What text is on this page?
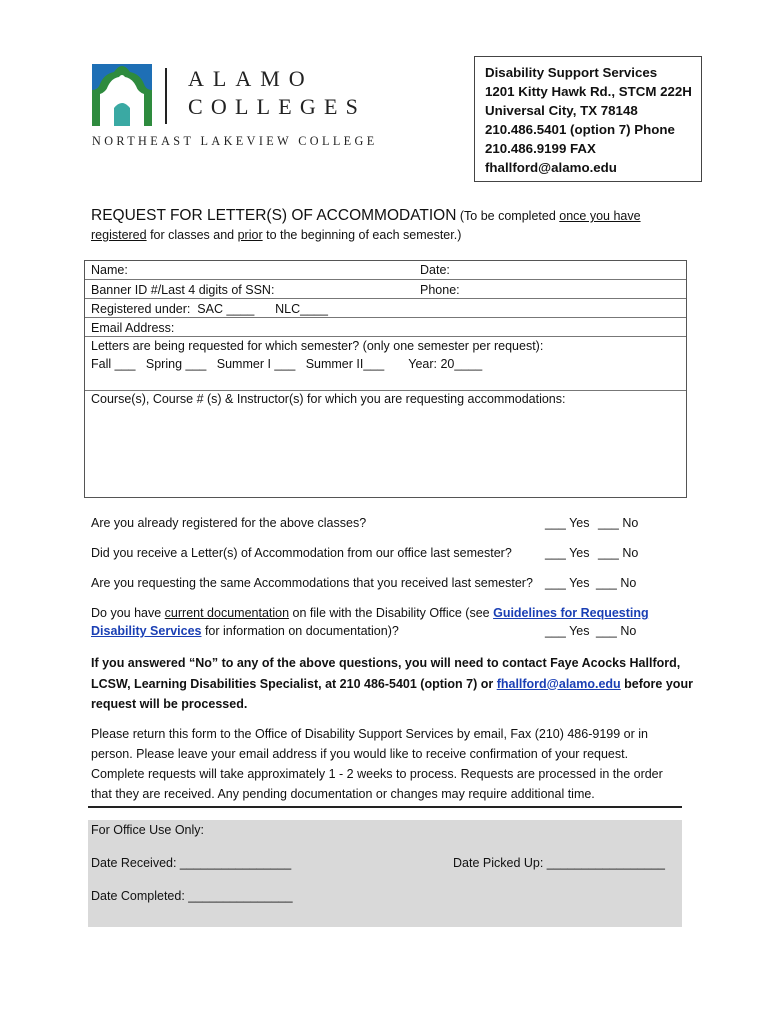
ALAMO
COLLEGES
NORTHEAST LAKEVIEW COLLEGE
Disability Support Services
1201 Kitty Hawk Rd., STCM 222H
Universal City, TX 78148
210.486.5401 (option 7) Phone
210.486.9199 FAX
fhallford@alamo.edu
REQUEST FOR LETTER(S) OF ACCOMMODATION (To be completed once you have registered for classes and prior to the beginning of each semester.)
Name:	Date:
Banner ID #/Last 4 digits of SSN:	Phone:
Registered under:  SAC ____      NLC____
Email Address:
Letters are being requested for which semester? (only one semester per request):
Fall ___   Spring ___   Summer I ___   Summer II___       Year: 20____
Course(s), Course # (s) & Instructor(s) for which you are requesting accommodations:
Are you already registered for the above classes?	___ Yes ___ No
Did you receive a Letter(s) of Accommodation from our office last semester?	___ Yes ___ No
Are you requesting the same Accommodations that you received last semester? ___ Yes ___ No
Do you have current documentation on file with the Disability Office (see Guidelines for Requesting
Disability Services for information on documentation)?	___ Yes ___ No
If you answered “No” to any of the above questions, you will need to contact Faye Acocks Hallford,
LCSW, Learning Disabilities Specialist, at 210 486-5401 (option 7) or fhallford@alamo.edu before your
request will be processed.
Please return this form to the Office of Disability Support Services by email, Fax (210) 486-9199 or in
person. Please leave your email address if you would like to receive confirmation of your request.
Complete requests will take approximately 1 - 2 weeks to process. Requests are processed in the order
that they are received. Any pending documentation or changes may require additional time.
For Office Use Only:
Date Received: ________________	Date Picked Up: _________________
Date Completed: _______________
